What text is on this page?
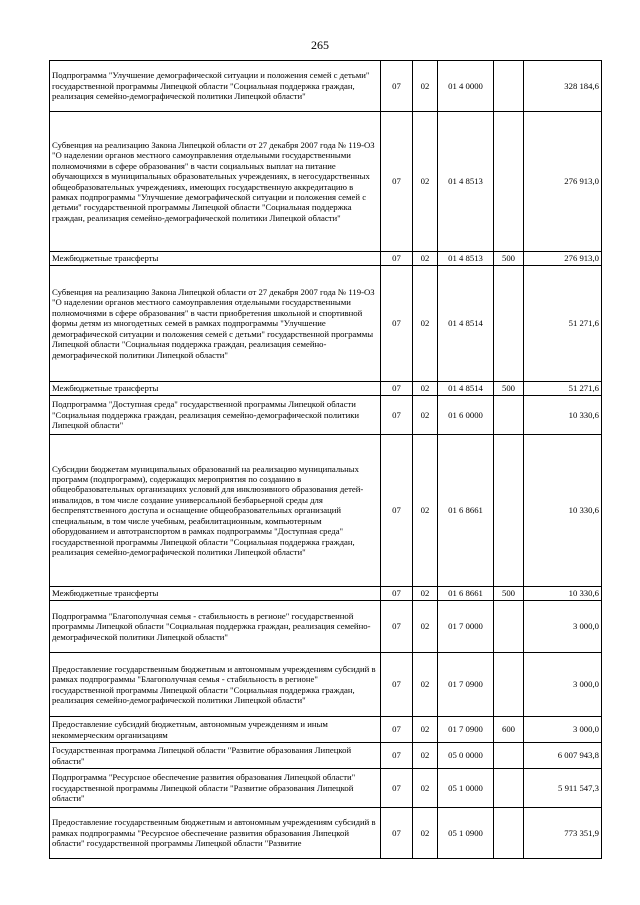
265
Подпрограмма "Улучшение демографической ситуации и положения семей с детьми" государственной программы Липецкой области "Социальная поддержка граждан, реализация семейно-демографической политики Липецкой области"	07	02	01 4 0000		328 184,6
Субвенция на реализацию Закона Липецкой области от 27 декабря 2007 года № 119-ОЗ "О наделении органов местного самоуправления отдельными государственными полномочиями в сфере образования" в части социальных выплат на питание обучающихся в муниципальных образовательных учреждениях, в негосударственных общеобразовательных учреждениях, имеющих государственную аккредитацию в рамках подпрограммы "Улучшение демографической ситуации и положения семей с детьми" государственной программы Липецкой области "Социальная поддержка граждан, реализация семейно-демографической политики Липецкой области"	07	02	01 4 8513		276 913,0
Межбюджетные трансферты	07	02	01 4 8513	500	276 913,0
Субвенция на реализацию Закона Липецкой области от 27 декабря 2007 года № 119-ОЗ "О наделении органов местного самоуправления отдельными государственными полномочиями в сфере образования" в части приобретения школьной и спортивной формы детям из многодетных семей в рамках подпрограммы "Улучшение демографической ситуации и положения семей с детьми" государственной программы Липецкой области "Социальная поддержка граждан, реализация семейно-демографической политики Липецкой области"	07	02	01 4 8514		51 271,6
Межбюджетные трансферты	07	02	01 4 8514	500	51 271,6
Подпрограмма "Доступная среда" государственной программы Липецкой области "Социальная поддержка граждан, реализация семейно-демографической политики Липецкой области"	07	02	01 6 0000		10 330,6
Субсидии бюджетам муниципальных образований на реализацию муниципальных программ (подпрограмм), содержащих мероприятия по созданию в общеобразовательных организациях условий для инклюзивного образования детей-инвалидов, в том числе создание универсальной безбарьерной среды для беспрепятственного доступа и оснащение общеобразовательных организаций специальным, в том числе учебным, реабилитационным, компьютерным оборудованием и автотранспортом в рамках подпрограммы "Доступная среда" государственной программы Липецкой области "Социальная поддержка граждан, реализация семейно-демографической политики Липецкой области"	07	02	01 6 8661		10 330,6
Межбюджетные трансферты	07	02	01 6 8661	500	10 330,6
Подпрограмма "Благополучная семья - стабильность в регионе" государственной программы Липецкой области "Социальная поддержка граждан, реализация семейно-демографической политики Липецкой области"	07	02	01 7 0000		3 000,0
Предоставление государственным бюджетным и автономным учреждениям субсидий в рамках подпрограммы "Благополучная семья - стабильность в регионе" государственной программы Липецкой области "Социальная поддержка граждан, реализация семейно-демографической политики Липецкой области"	07	02	01 7 0900		3 000,0
Предоставление субсидий бюджетным, автономным учреждениям и иным некоммерческим организациям	07	02	01 7 0900	600	3 000,0
Государственная программа Липецкой области "Развитие образования Липецкой области"	07	02	05 0 0000		6 007 943,8
Подпрограмма "Ресурсное обеспечение развития образования Липецкой области" государственной программы Липецкой области "Развитие образования Липецкой области"	07	02	05 1 0000		5 911 547,3
Предоставление государственным бюджетным и автономным учреждениям субсидий в рамках подпрограммы "Ресурсное обеспечение развития образования Липецкой области" государственной программы Липецкой области "Развитие	07	02	05 1 0900		773 351,9
